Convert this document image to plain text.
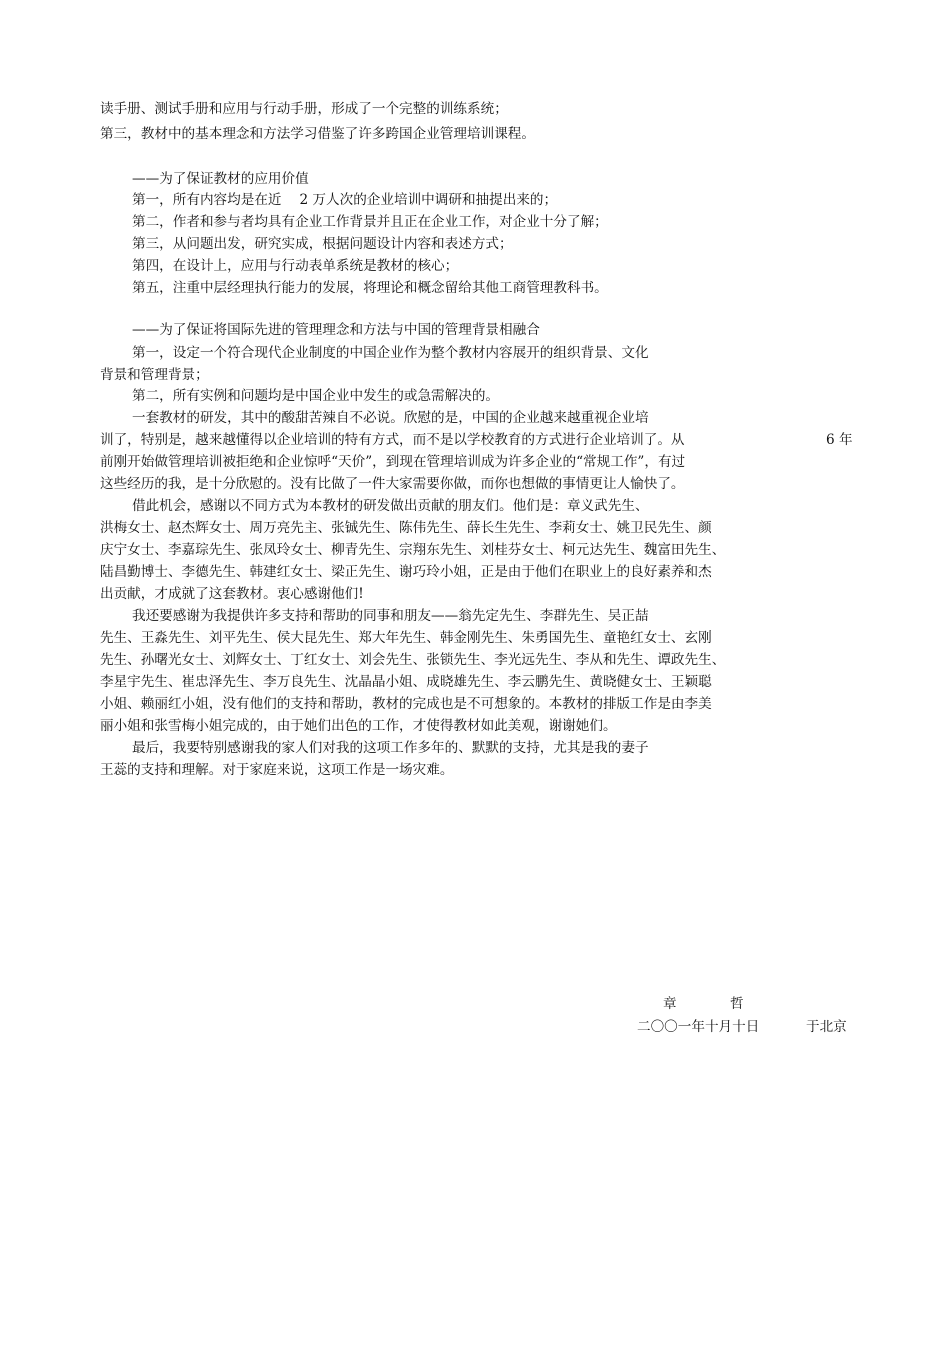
读手册、测试手册和应用与行动手册，形成了一个完整的训练系统；
第三，教材中的基本理念和方法学习借鉴了许多跨国企业管理培训课程。
——为了保证教材的应用价值
第一，所有内容均是在近　 2 万人次的企业培训中调研和抽提出来的；
第二，作者和参与者均具有企业工作背景并且正在企业工作，对企业十分了解；
第三，从问题出发，研究实成，根据问题设计内容和表述方式；
第四，在设计上，应用与行动表单系统是教材的核心；
第五，注重中层经理执行能力的发展，将理论和概念留给其他工商管理教科书。
——为了保证将国际先进的管理理念和方法与中国的管理背景相融合
第一，设定一个符合现代企业制度的中国企业作为整个教材内容展开的组织背景、文化
背景和管理背景；
第二，所有实例和问题均是中国企业中发生的或急需解决的。
一套教材的研发，其中的酸甜苦辣自不必说。欣慰的是，中国的企业越来越重视企业培
训了，特别是，越来越懂得以企业培训的特有方式，而不是以学校教育的方式进行企业培训了。从	6 年
前刚开始做管理培训被拒绝和企业惊呼“天价”，到现在管理培训成为许多企业的“常规工作”，有过
这些经历的我，是十分欣慰的。没有比做了一件大家需要你做，而你也想做的事情更让人愉快了。
借此机会，感谢以不同方式为本教材的研发做出贡献的朋友们。他们是：章义武先生、
洪梅女士、赵杰辉女士、周万亮先主、张铖先生、陈伟先生、薛长生先生、李莉女士、姚卫民先生、颜
庆宁女士、李嘉琮先生、张凤玲女士、柳青先生、宗翔东先生、刘桂芬女士、柯元达先生、魏富田先生、
陆昌勤博士、李德先生、韩建红女士、梁正先生、谢巧玲小姐，正是由于他们在职业上的良好素养和杰
出贡献，才成就了这套教材。衷心感谢他们!
我还要感谢为我提供许多支持和帮助的同事和朋友——翁先定先生、李群先生、吴正喆
先生、王淼先生、刘平先生、侯大昆先生、郑大年先生、韩金刚先生、朱勇国先生、童艳红女士、玄刚
先生、孙曙光女士、刘辉女士、丁红女士、刘会先生、张锁先生、李光远先生、李从和先生、谭政先生、
李星宇先生、崔忠泽先生、李万良先生、沈晶晶小姐、成晓雄先生、李云鹏先生、黄晓健女士、王颖聪
小姐、赖丽红小姐，没有他们的支持和帮助，教材的完成也是不可想象的。本教材的排版工作是由李美
丽小姐和张雪梅小姐完成的，由于她们出色的工作，才使得教材如此美观，谢谢她们。
最后，我要特别感谢我的家人们对我的这项工作多年的、默默的支持，尤其是我的妻子
王蕊的支持和理解。对于家庭来说，这项工作是一场灾难。
章	哲
二〇〇一年十月十日	于北京
